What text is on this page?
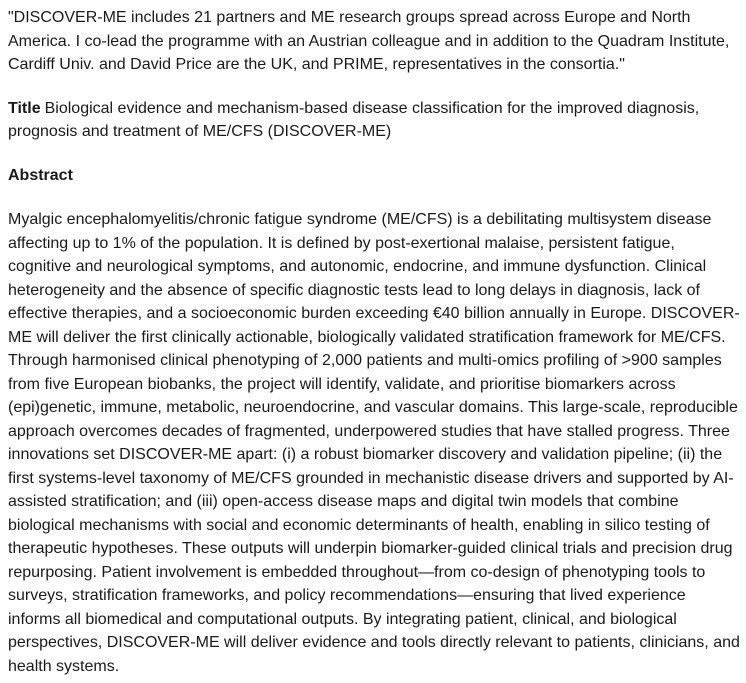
"DISCOVER-ME includes 21 partners and ME research groups spread across Europe and North America. I co-lead the programme with an Austrian colleague and in addition to the Quadram Institute, Cardiff Univ. and David Price are the UK, and PRIME, representatives in the consortia."

Title Biological evidence and mechanism-based disease classification for the improved diagnosis, prognosis and treatment of ME/CFS (DISCOVER-ME)

Abstract

Myalgic encephalomyelitis/chronic fatigue syndrome (ME/CFS) is a debilitating multisystem disease affecting up to 1% of the population. It is defined by post-exertional malaise, persistent fatigue, cognitive and neurological symptoms, and autonomic, endocrine, and immune dysfunction. Clinical heterogeneity and the absence of specific diagnostic tests lead to long delays in diagnosis, lack of effective therapies, and a socioeconomic burden exceeding €40 billion annually in Europe. DISCOVER-ME will deliver the first clinically actionable, biologically validated stratification framework for ME/CFS. Through harmonised clinical phenotyping of 2,000 patients and multi-omics profiling of >900 samples from five European biobanks, the project will identify, validate, and prioritise biomarkers across (epi)genetic, immune, metabolic, neuroendocrine, and vascular domains. This large-scale, reproducible approach overcomes decades of fragmented, underpowered studies that have stalled progress. Three innovations set DISCOVER-ME apart: (i) a robust biomarker discovery and validation pipeline; (ii) the first systems-level taxonomy of ME/CFS grounded in mechanistic disease drivers and supported by AI-assisted stratification; and (iii) open-access disease maps and digital twin models that combine biological mechanisms with social and economic determinants of health, enabling in silico testing of therapeutic hypotheses. These outputs will underpin biomarker-guided clinical trials and precision drug repurposing. Patient involvement is embedded throughout—from co-design of phenotyping tools to surveys, stratification frameworks, and policy recommendations—ensuring that lived experience informs all biomedical and computational outputs. By integrating patient, clinical, and biological perspectives, DISCOVER-ME will deliver evidence and tools directly relevant to patients, clinicians, and health systems.
